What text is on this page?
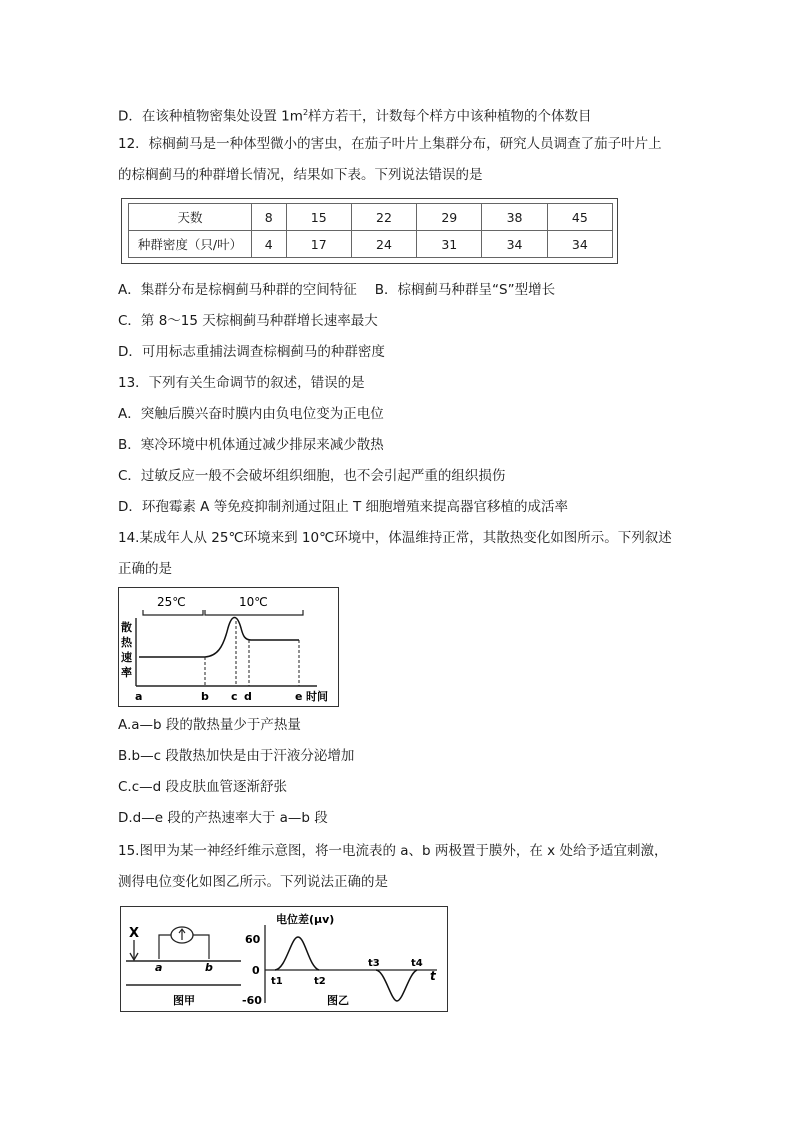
D．在该种植物密集处设置 $1m^2$样方若干，计数每个样方中该种植物的个体数目
12．棕榈蓟马是一种体型微小的害虫，在茄子叶片上集群分布，研究人员调查了茄子叶片上
的棕榈蓟马的种群增长情况，结果如下表。下列说法错误的是
天数	8	15	22	29	38	45
种群密度（只/叶）	4	17	24	31	34	34
A．集群分布是棕榈蓟马种群的空间特征 B．棕榈蓟马种群呈“S”型增长
C．第 8～15 天棕榈蓟马种群增长速率最大
D．可用标志重捕法调查棕榈蓟马的种群密度
13．下列有关生命调节的叙述，错误的是
A．突触后膜兴奋时膜内由负电位变为正电位
B．寒冷环境中机体通过减少排尿来减少散热
C．过敏反应一般不会破坏组织细胞，也不会引起严重的组织损伤
D．环孢霉素 A 等免疫抑制剂通过阻止 T 细胞增殖来提高器官移植的成活率
14.某成年人从 25℃环境来到 10℃环境中，体温维持正常，其散热变化如图所示。下列叙述
正确的是
25℃	10℃
散
热
速
率
a	b c d	e 时间
A.a—b 段的散热量少于产热量
B.b—c 段散热加快是由于汗液分泌增加
C.c—d 段皮肤血管逐渐舒张
D.d—e 段的产热速率大于 a—b 段
15.图甲为某一神经纤维示意图，将一电流表的 a、b 两极置于膜外，在 x 处给予适宜刺激，
测得电位变化如图乙所示。下列说法正确的是
X
a	b
图甲
电位差(μv)
60
0
-60
t1	t2
t3	t4
t
图乙
